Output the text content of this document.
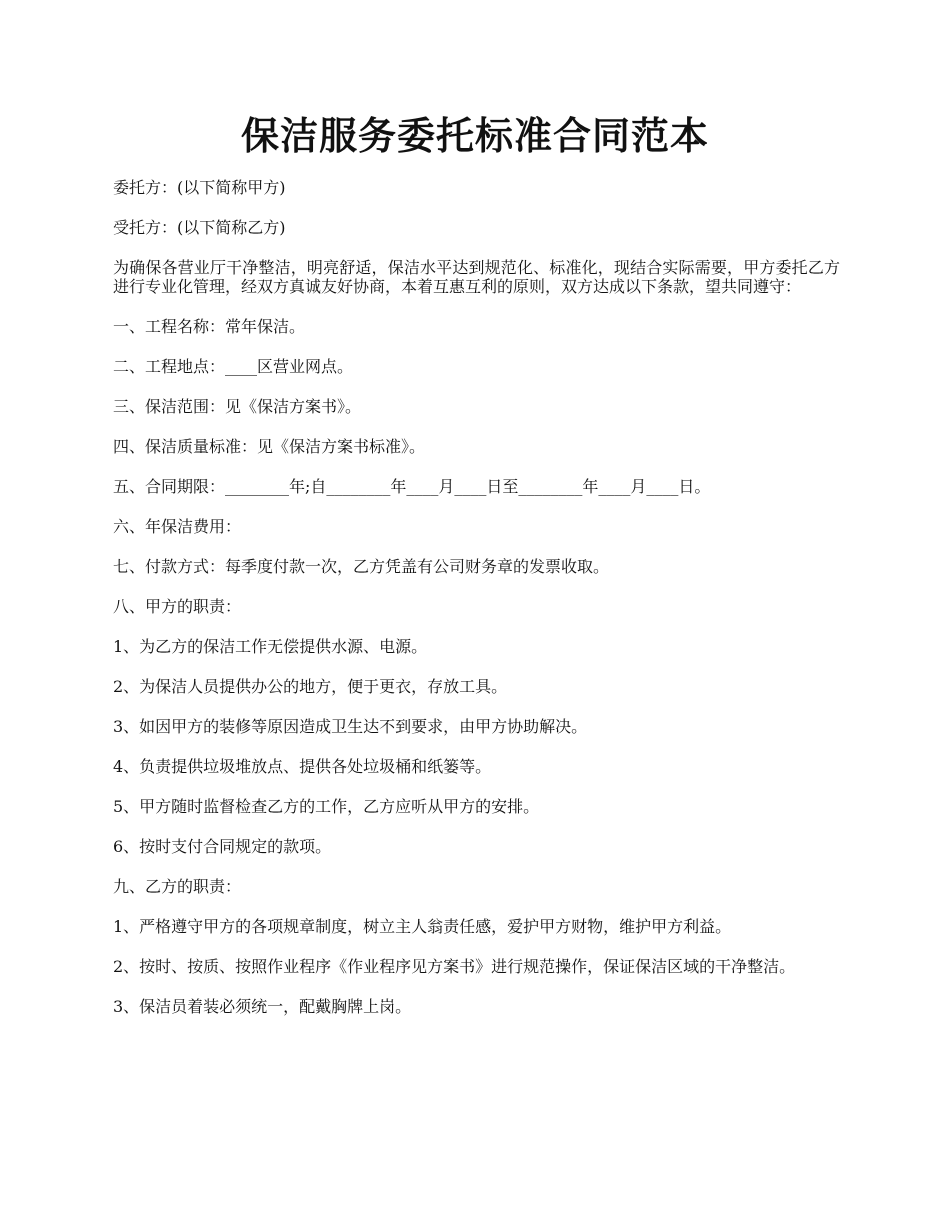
保洁服务委托标准合同范本

委托方：(以下简称甲方)

受托方：(以下简称乙方)

为确保各营业厅干净整洁，明亮舒适，保洁水平达到规范化、标准化，现结合实际需要，甲方委托乙方进行专业化管理，经双方真诚友好协商，本着互惠互利的原则，双方达成以下条款，望共同遵守：

一、工程名称：常年保洁。

二、工程地点：____区营业网点。

三、保洁范围：见《保洁方案书》。

四、保洁质量标准：见《保洁方案书标准》。

五、合同期限：________年;自________年____月____日至________年____月____日。

六、年保洁费用：

七、付款方式：每季度付款一次，乙方凭盖有公司财务章的发票收取。

八、甲方的职责：

1、为乙方的保洁工作无偿提供水源、电源。

2、为保洁人员提供办公的地方，便于更衣，存放工具。

3、如因甲方的装修等原因造成卫生达不到要求，由甲方协助解决。

4、负责提供垃圾堆放点、提供各处垃圾桶和纸篓等。

5、甲方随时监督检查乙方的工作，乙方应听从甲方的安排。

6、按时支付合同规定的款项。

九、乙方的职责：

1、严格遵守甲方的各项规章制度，树立主人翁责任感，爱护甲方财物，维护甲方利益。

2、按时、按质、按照作业程序《作业程序见方案书》进行规范操作，保证保洁区域的干净整洁。

3、保洁员着装必须统一，配戴胸牌上岗。
